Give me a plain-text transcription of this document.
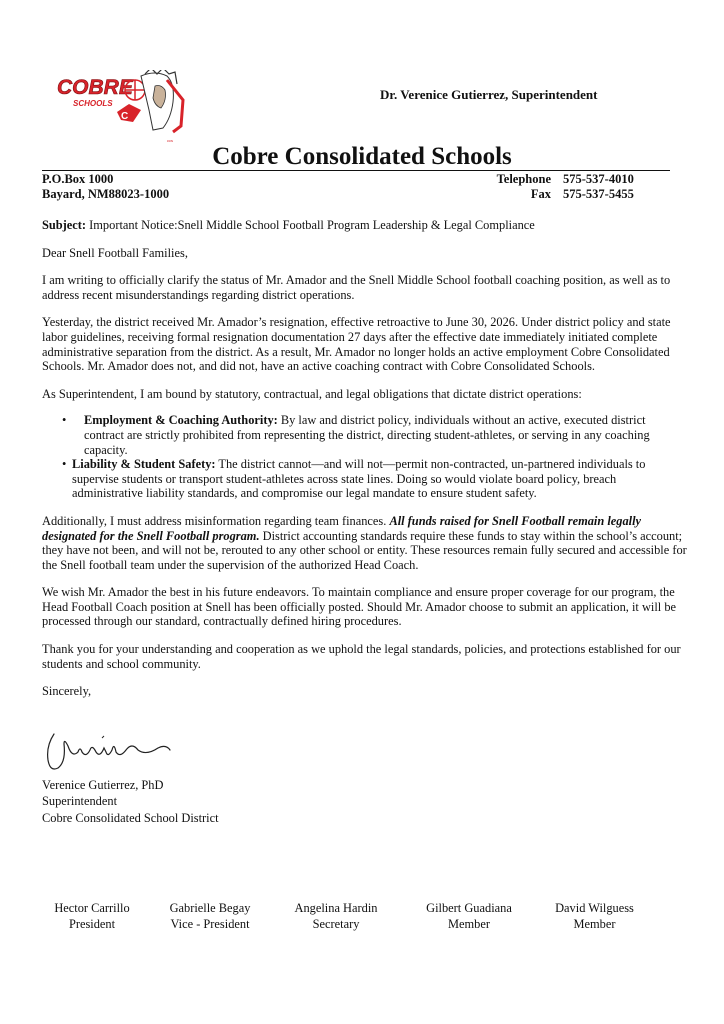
COBRE
SCHOOLS
C
ccs
Dr. Verenice Gutierrez, Superintendent
Cobre Consolidated Schools
P.O.Box 1000
Bayard, NM88023-1000
Telephone 575-537-4010
Fax 575-537-5455

Subject: Important Notice:Snell Middle School Football Program Leadership & Legal Compliance

Dear Snell Football Families,

I am writing to officially clarify the status of Mr. Amador and the Snell Middle School football coaching position, as well as to address recent misunderstandings regarding district operations.

Yesterday, the district received Mr. Amador’s resignation, effective retroactive to June 30, 2026. Under district policy and state labor guidelines, receiving formal resignation documentation 27 days after the effective date immediately initiated complete administrative separation from the district. As a result, Mr. Amador no longer holds an active employment Cobre Consolidated Schools. Mr. Amador does not, and did not, have an active coaching contract with Cobre Consolidated Schools.

As Superintendent, I am bound by statutory, contractual, and legal obligations that dictate district operations:

• Employment & Coaching Authority: By law and district policy, individuals without an active, executed district contract are strictly prohibited from representing the district, directing student-athletes, or serving in any coaching capacity.
• Liability & Student Safety: The district cannot—and will not—permit non-contracted, un-partnered individuals to supervise students or transport student-athletes across state lines. Doing so would violate board policy, breach administrative liability standards, and compromise our legal mandate to ensure student safety.

Additionally, I must address misinformation regarding team finances. All funds raised for Snell Football remain legally designated for the Snell Football program. District accounting standards require these funds to stay within the school’s account; they have not been, and will not be, rerouted to any other school or entity. These resources remain fully secured and accessible for the Snell football team under the supervision of the authorized Head Coach.

We wish Mr. Amador the best in his future endeavors. To maintain compliance and ensure proper coverage for our program, the Head Football Coach position at Snell has been officially posted. Should Mr. Amador choose to submit an application, it will be processed through our standard, contractually defined hiring procedures.

Thank you for your understanding and cooperation as we uphold the legal standards, policies, and protections established for our students and school community.

Sincerely,

Verenice Gutierrez, PhD
Superintendent
Cobre Consolidated School District
Hector Carrillo
President
Gabrielle Begay
Vice - President
Angelina Hardin
Secretary
Gilbert Guadiana
Member
David Wilguess
Member
